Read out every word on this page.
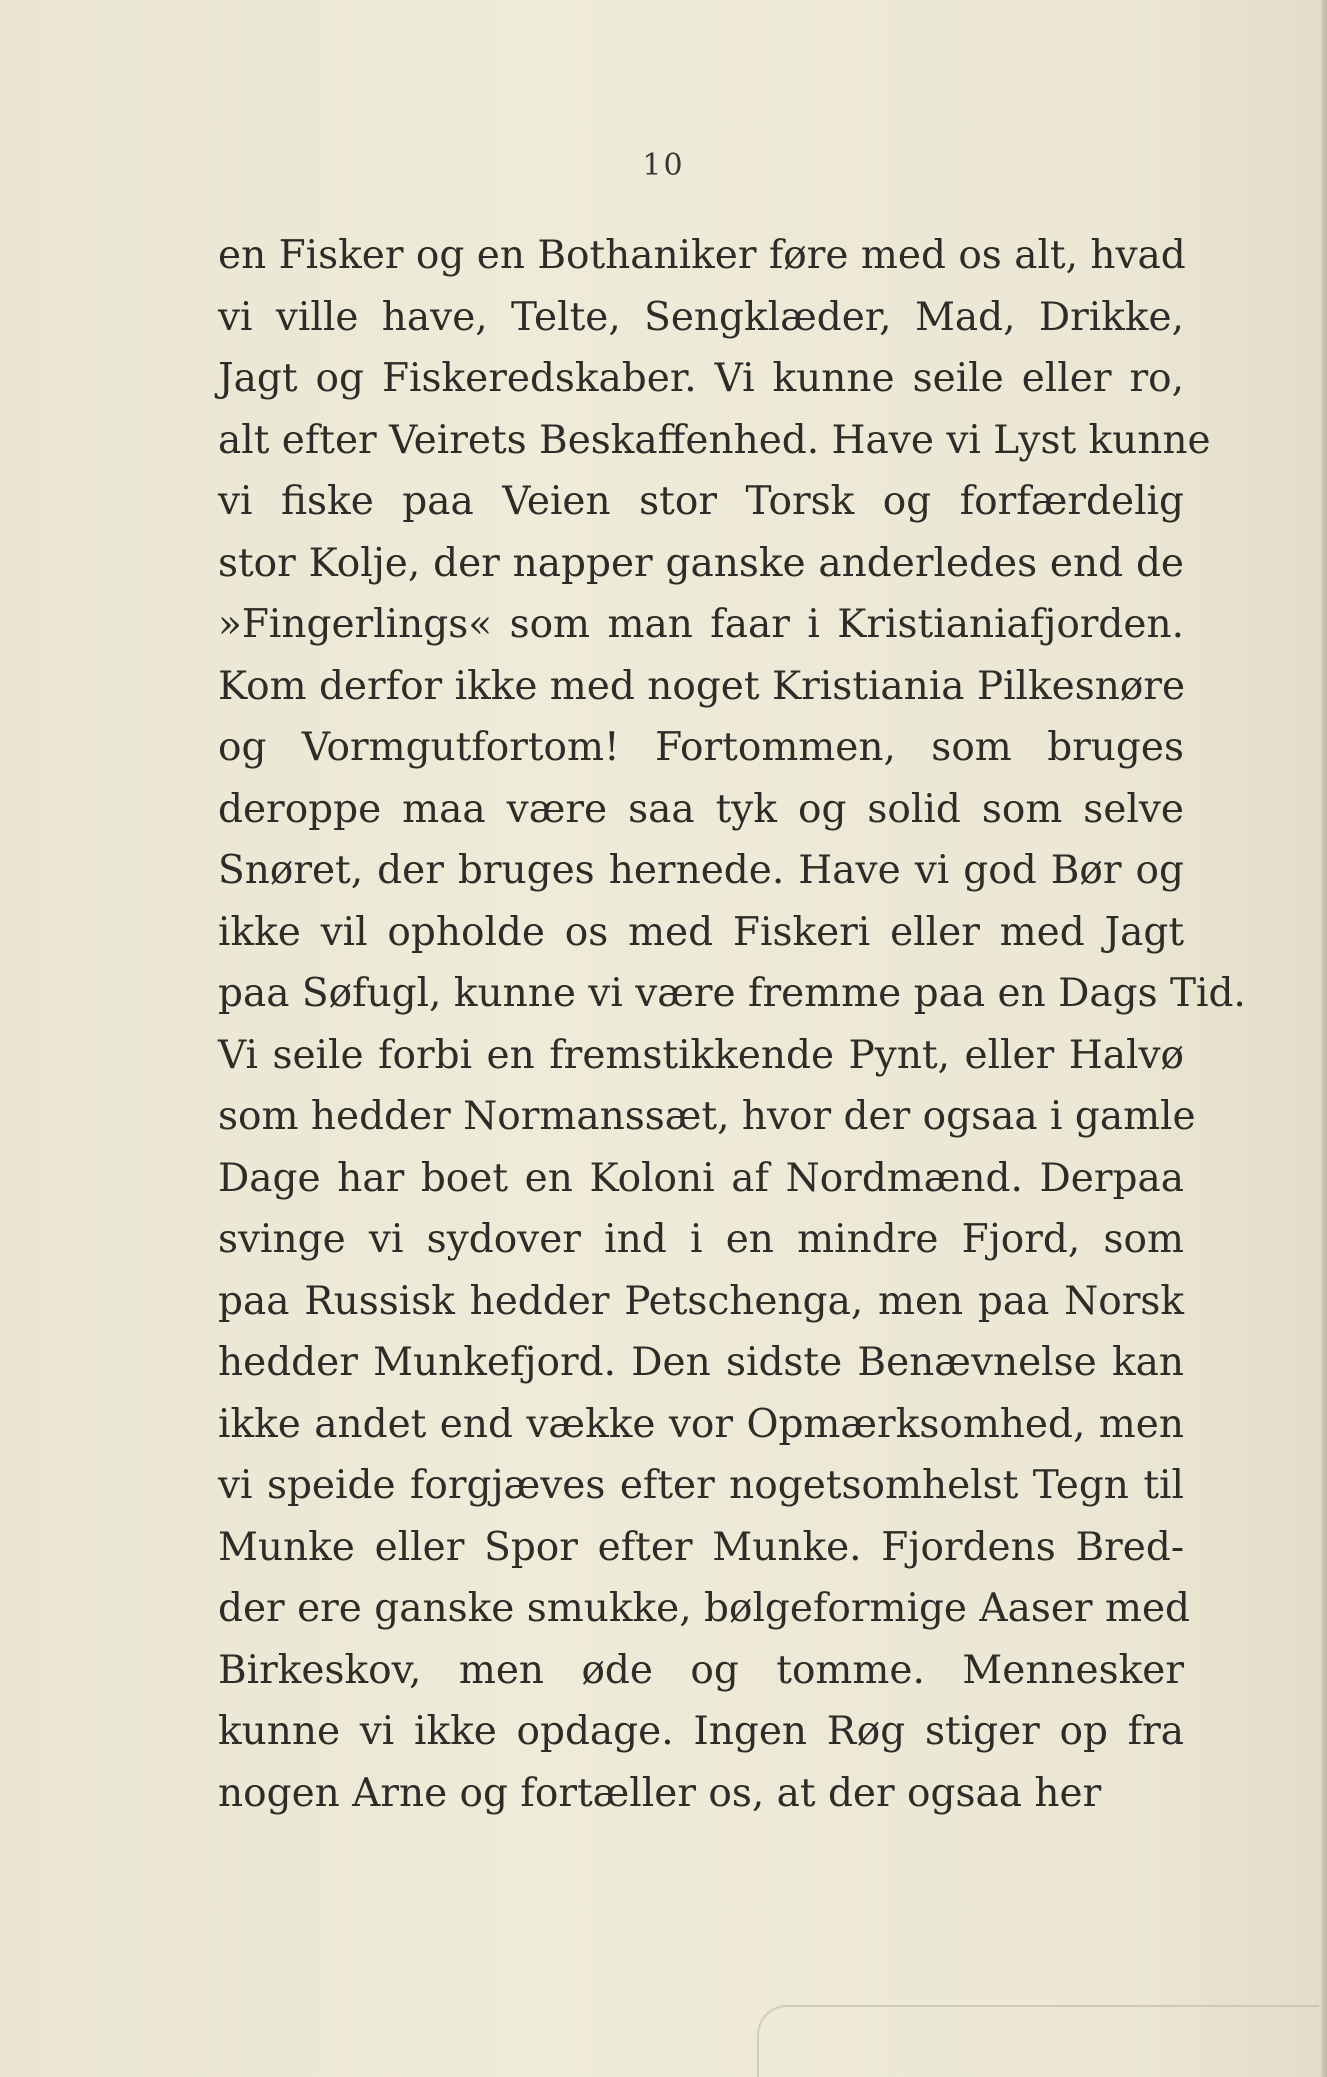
10
en Fisker og en Bothaniker føre med os alt, hvad
vi ville have, Telte, Sengklæder, Mad, Drikke,
Jagt og Fiskeredskaber. Vi kunne seile eller ro,
alt efter Veirets Beskaffenhed. Have vi Lyst kunne
vi fiske paa Veien stor Torsk og forfærdelig
stor Kolje, der napper ganske anderledes end de
»Fingerlings« som man faar i Kristianiafjorden.
Kom derfor ikke med noget Kristiania Pilkesnøre
og Vormgutfortom! Fortommen, som bruges
deroppe maa være saa tyk og solid som selve
Snøret, der bruges hernede. Have vi god Bør og
ikke vil opholde os med Fiskeri eller med Jagt
paa Søfugl, kunne vi være fremme paa en Dags Tid.
Vi seile forbi en fremstikkende Pynt, eller Halvø
som hedder Normanssæt, hvor der ogsaa i gamle
Dage har boet en Koloni af Nordmænd. Derpaa
svinge vi sydover ind i en mindre Fjord, som
paa Russisk hedder Petschenga, men paa Norsk
hedder Munkefjord. Den sidste Benævnelse kan
ikke andet end vække vor Opmærksomhed, men
vi speide forgjæves efter nogetsomhelst Tegn til
Munke eller Spor efter Munke. Fjordens Bred-
der ere ganske smukke, bølgeformige Aaser med
Birkeskov, men øde og tomme. Mennesker
kunne vi ikke opdage. Ingen Røg stiger op fra
nogen Arne og fortæller os, at der ogsaa her
